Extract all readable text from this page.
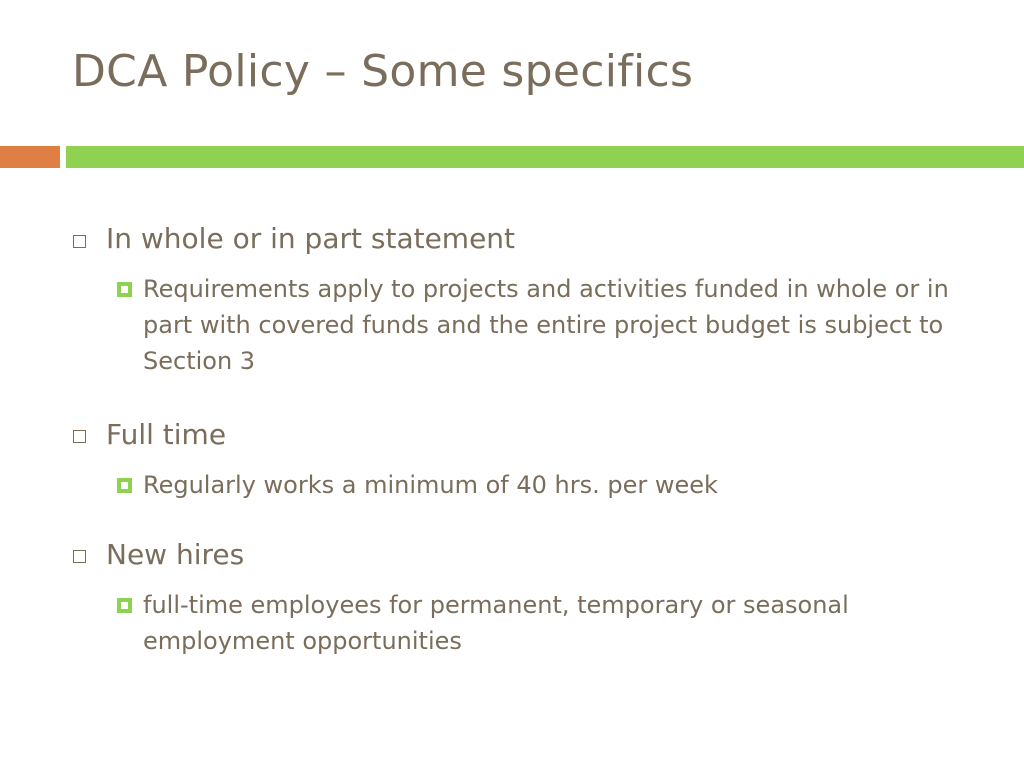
DCA Policy – Some specifics

In whole or in part statement

Requirements apply to projects and activities funded in whole or in part with covered funds and the entire project budget is subject to Section 3

Full time

Regularly works a minimum of 40 hrs. per week

New hires

full-time employees for permanent, temporary or seasonal employment opportunities
